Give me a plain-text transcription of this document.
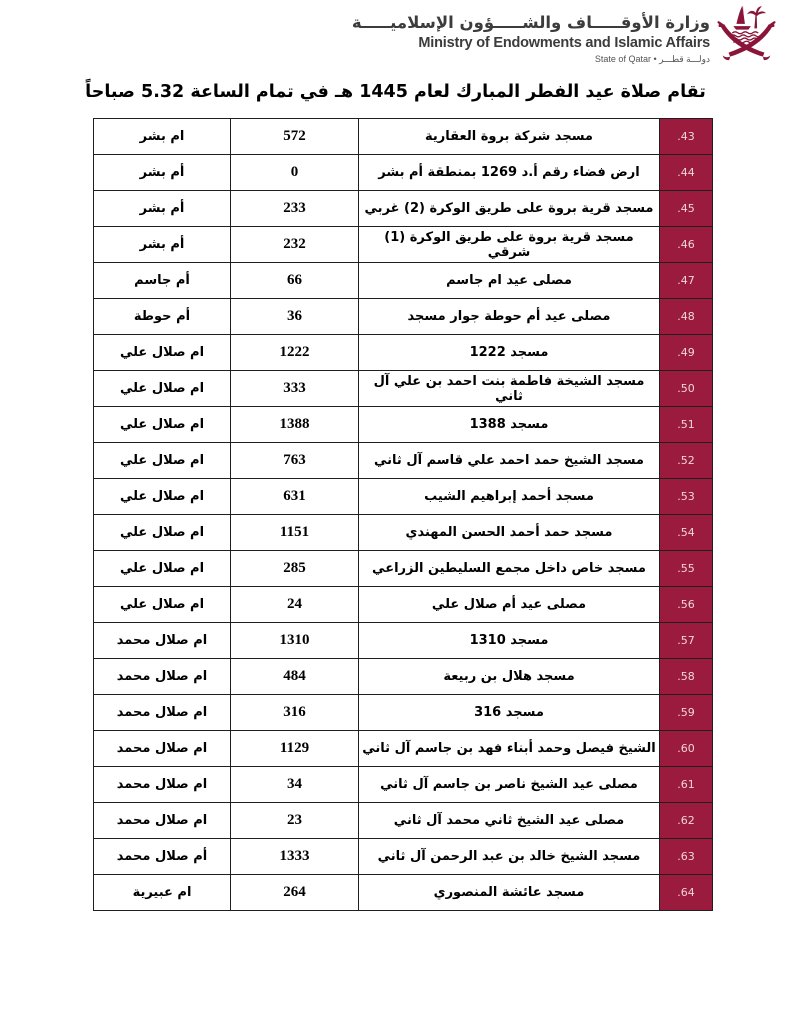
وزارة الأوقـــــاف والشـــــؤون الإسلاميـــــة
Ministry of Endowments and Islamic Affairs
دولـــة قطـــر • State of Qatar
تقام صلاة عيد الفطر المبارك لعام 1445 هـ في تمام الساعة 5.32 صباحاً
ام بشر	572	مسجد شركة بروة العقارية	.43
أم بشر	0	ارض فضاء رقم أ.د 1269 بمنطقة أم بشر	.44
أم بشر	233	مسجد قرية بروة على طريق الوكرة (2) غربي	.45
أم بشر	232	مسجد قرية بروة على طريق الوكرة (1) شرقي	.46
أم جاسم	66	مصلى عيد ام جاسم	.47
أم حوطة	36	مصلى عيد أم حوطة جوار مسجد	.48
ام صلال علي	1222	مسجد 1222	.49
ام صلال علي	333	مسجد الشيخة فاطمة بنت احمد بن علي آل ثاني	.50
ام صلال علي	1388	مسجد 1388	.51
ام صلال علي	763	مسجد الشيخ حمد احمد علي قاسم آل ثاني	.52
ام صلال علي	631	مسجد أحمد إبراهيم الشيب	.53
ام صلال علي	1151	مسجد حمد أحمد الحسن المهندي	.54
ام صلال علي	285	مسجد خاص داخل مجمع السليطين الزراعي	.55
ام صلال علي	24	مصلى عيد أم صلال علي	.56
ام صلال محمد	1310	مسجد 1310	.57
ام صلال محمد	484	مسجد هلال بن ربيعة	.58
ام صلال محمد	316	مسجد 316	.59
ام صلال محمد	1129	الشيخ فيصل وحمد أبناء فهد بن جاسم آل ثاني	.60
ام صلال محمد	34	مصلى عيد الشيخ ناصر بن جاسم آل ثاني	.61
ام صلال محمد	23	مصلى عيد الشيخ ثاني محمد آل ثاني	.62
أم صلال محمد	1333	مسجد الشيخ خالد بن عبد الرحمن آل ثاني	.63
ام عبيرية	264	مسجد عائشة المنصوري	.64
